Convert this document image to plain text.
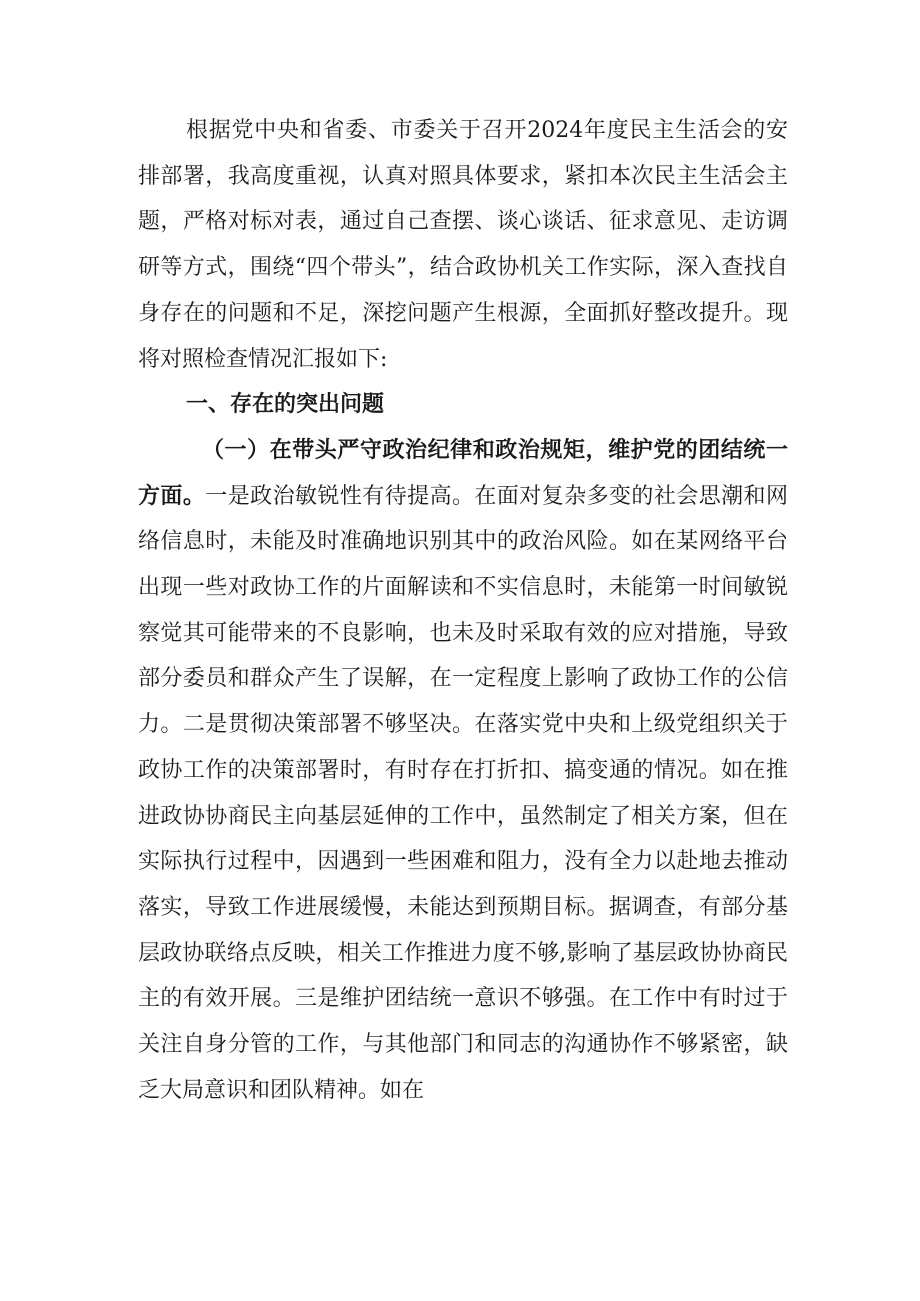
根据党中央和省委、市委关于召开2024年度民主生活会的安排部署，我高度重视，认真对照具体要求，紧扣本次民主生活会主题，严格对标对表，通过自己查摆、谈心谈话、征求意见、走访调研等方式，围绕“四个带头”，结合政协机关工作实际，深入查找自身存在的问题和不足，深挖问题产生根源，全面抓好整改提升。现将对照检查情况汇报如下:

一、存在的突出问题

（一）在带头严守政治纪律和政治规矩，维护党的团结统一方面。一是政治敏锐性有待提高。在面对复杂多变的社会思潮和网络信息时，未能及时准确地识别其中的政治风险。如在某网络平台出现一些对政协工作的片面解读和不实信息时，未能第一时间敏锐察觉其可能带来的不良影响，也未及时采取有效的应对措施，导致部分委员和群众产生了误解，在一定程度上影响了政协工作的公信力。二是贯彻决策部署不够坚决。在落实党中央和上级党组织关于政协工作的决策部署时，有时存在打折扣、搞变通的情况。如在推进政协协商民主向基层延伸的工作中，虽然制定了相关方案，但在实际执行过程中，因遇到一些困难和阻力，没有全力以赴地去推动落实，导致工作进展缓慢，未能达到预期目标。据调查，有部分基层政协联络点反映，相关工作推进力度不够,影响了基层政协协商民主的有效开展。三是维护团结统一意识不够强。在工作中有时过于关注自身分管的工作，与其他部门和同志的沟通协作不够紧密，缺乏大局意识和团队精神。如在
